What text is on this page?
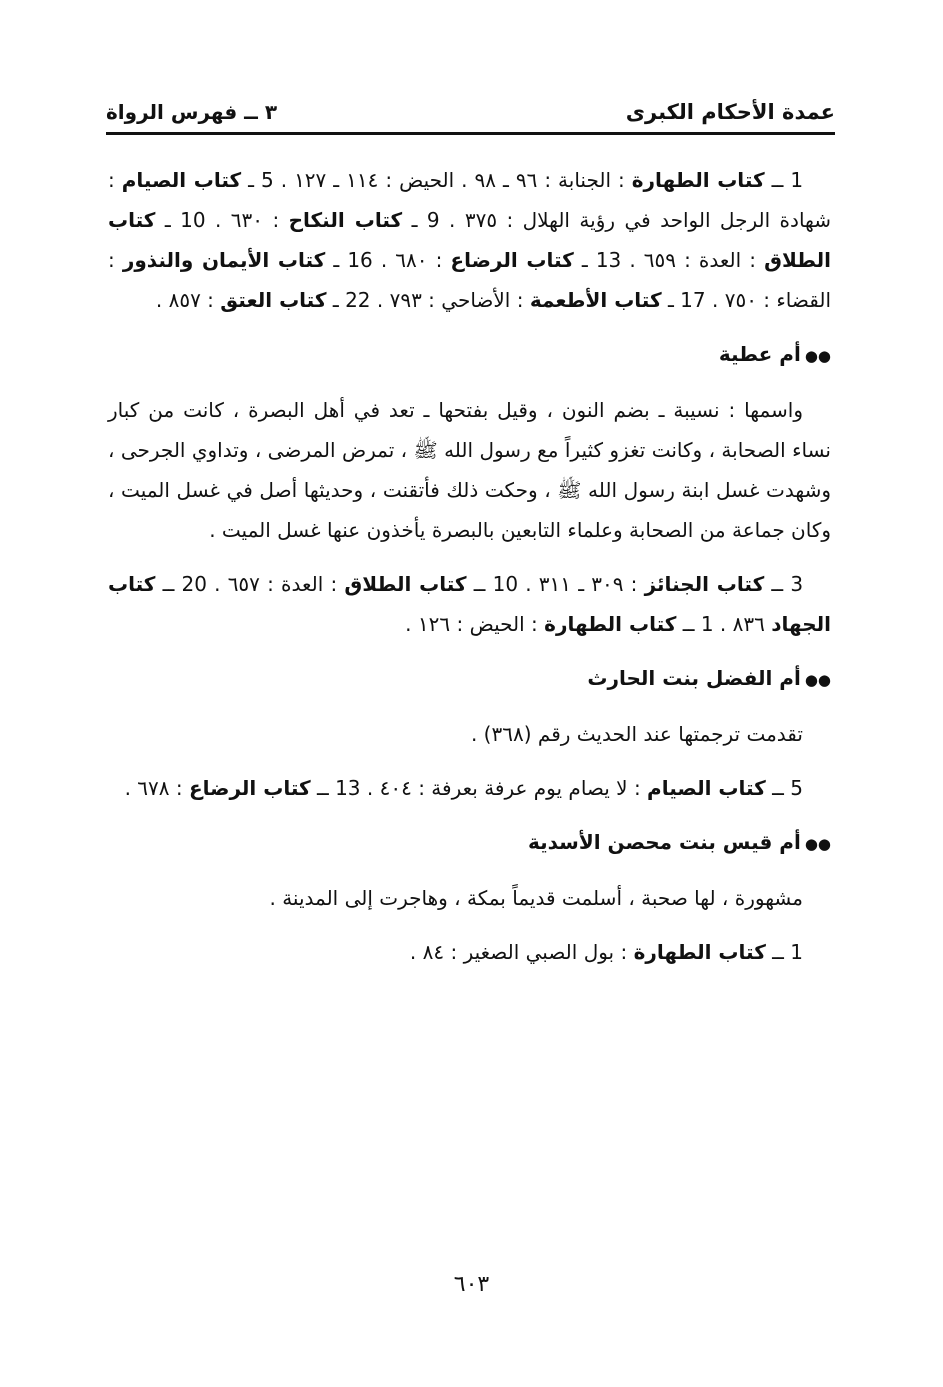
عمدة الأحكام الكبرى
٣ ــ فهرس الرواة

1 ــ كتاب الطهارة : الجنابة : ٩٦ ـ ٩٨ . الحيض : ١١٤ ـ ١٢٧ . 5 ـ كتاب الصيام : شهادة الرجل الواحد في رؤية الهلال : ٣٧٥ . 9 ـ كتاب النكاح : ٦٣٠ . 10 ـ كتاب الطلاق : العدة : ٦٥٩ . 13 ـ كتاب الرضاع : ٦٨٠ . 16 ـ كتاب الأيمان والنذور : القضاء : ٧٥٠ . 17 ـ كتاب الأطعمة : الأضاحي : ٧٩٣ . 22 ـ كتاب العتق : ٨٥٧ .

●●أم عطية

واسمها : نسيبة ـ بضم النون ، وقيل بفتحها ـ تعد في أهل البصرة ، كانت من كبار نساء الصحابة ، وكانت تغزو كثيراً مع رسول الله ﷺ ، تمرض المرضى ، وتداوي الجرحى ، وشهدت غسل ابنة رسول الله ﷺ ، وحكت ذلك فأتقنت ، وحديثها أصل في غسل الميت ، وكان جماعة من الصحابة وعلماء التابعين بالبصرة يأخذون عنها غسل الميت .

3 ــ كتاب الجنائز : ٣٠٩ ـ ٣١١ . 10 ــ كتاب الطلاق : العدة : ٦٥٧ . 20 ــ كتاب الجهاد ٨٣٦ . 1 ــ كتاب الطهارة : الحيض : ١٢٦ .

●●أم الفضل بنت الحارث

تقدمت ترجمتها عند الحديث رقم (٣٦٨) .

5 ــ كتاب الصيام : لا يصام يوم عرفة بعرفة : ٤٠٤ . 13 ــ كتاب الرضاع : ٦٧٨ .

●●أم قيس بنت محصن الأسدية

مشهورة ، لها صحبة ، أسلمت قديماً بمكة ، وهاجرت إلى المدينة .

1 ــ كتاب الطهارة : بول الصبي الصغير : ٨٤ .

٦٠٣
